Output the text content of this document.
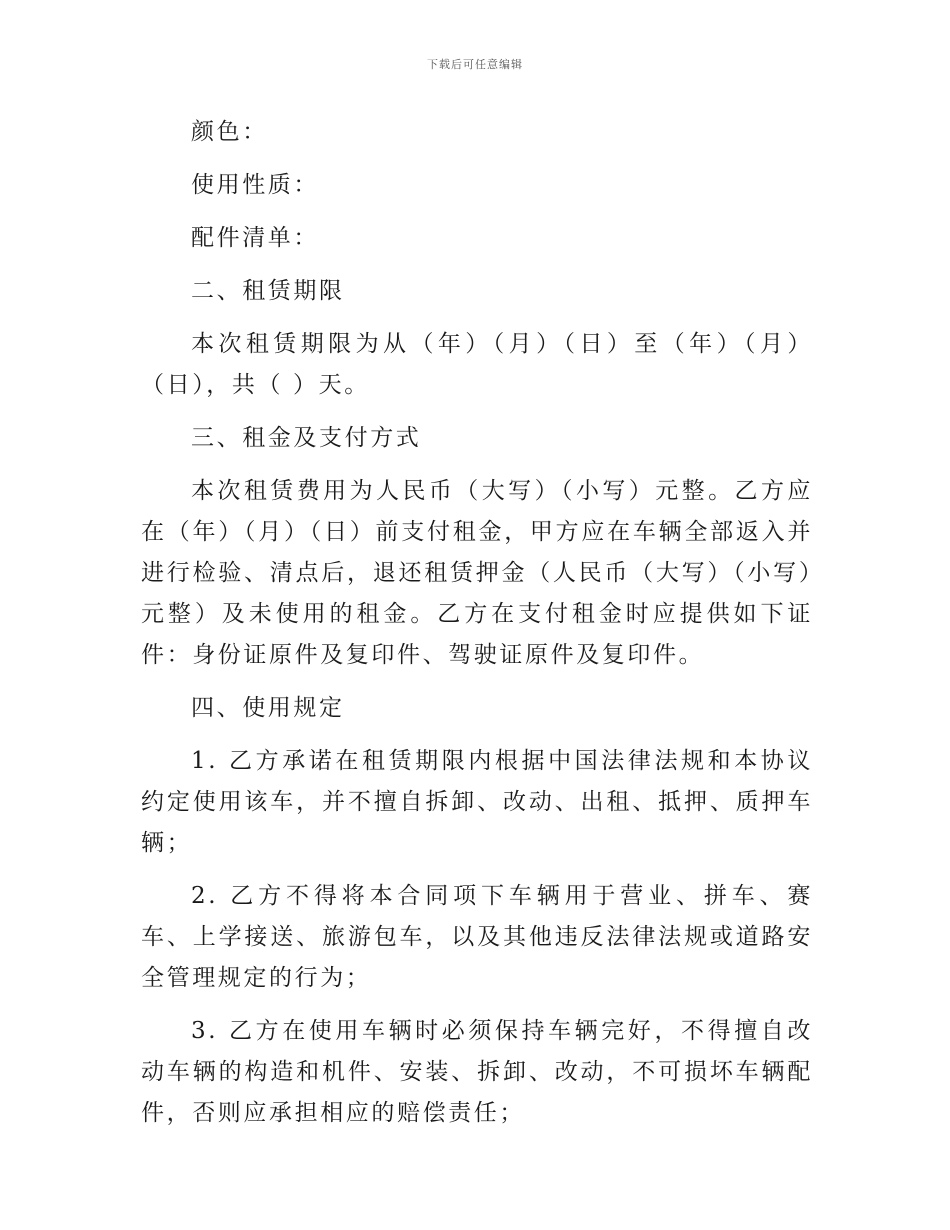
下载后可任意编辑

颜色：

使用性质：

配件清单：

二、租赁期限

本次租赁期限为从（年）（月）（日）至（年）（月）（日），共（ ）天。

三、租金及支付方式

本次租赁费用为人民币（大写）（小写）元整。乙方应在（年）（月）（日）前支付租金，甲方应在车辆全部返入并进行检验、清点后，退还租赁押金（人民币（大写）（小写）元整）及未使用的租金。乙方在支付租金时应提供如下证件：身份证原件及复印件、驾驶证原件及复印件。

四、使用规定

1. 乙方承诺在租赁期限内根据中国法律法规和本协议约定使用该车，并不擅自拆卸、改动、出租、抵押、质押车辆；

2. 乙方不得将本合同项下车辆用于营业、拼车、赛车、上学接送、旅游包车，以及其他违反法律法规或道路安全管理规定的行为；

3. 乙方在使用车辆时必须保持车辆完好，不得擅自改动车辆的构造和机件、安装、拆卸、改动，不可损坏车辆配件，否则应承担相应的赔偿责任；
